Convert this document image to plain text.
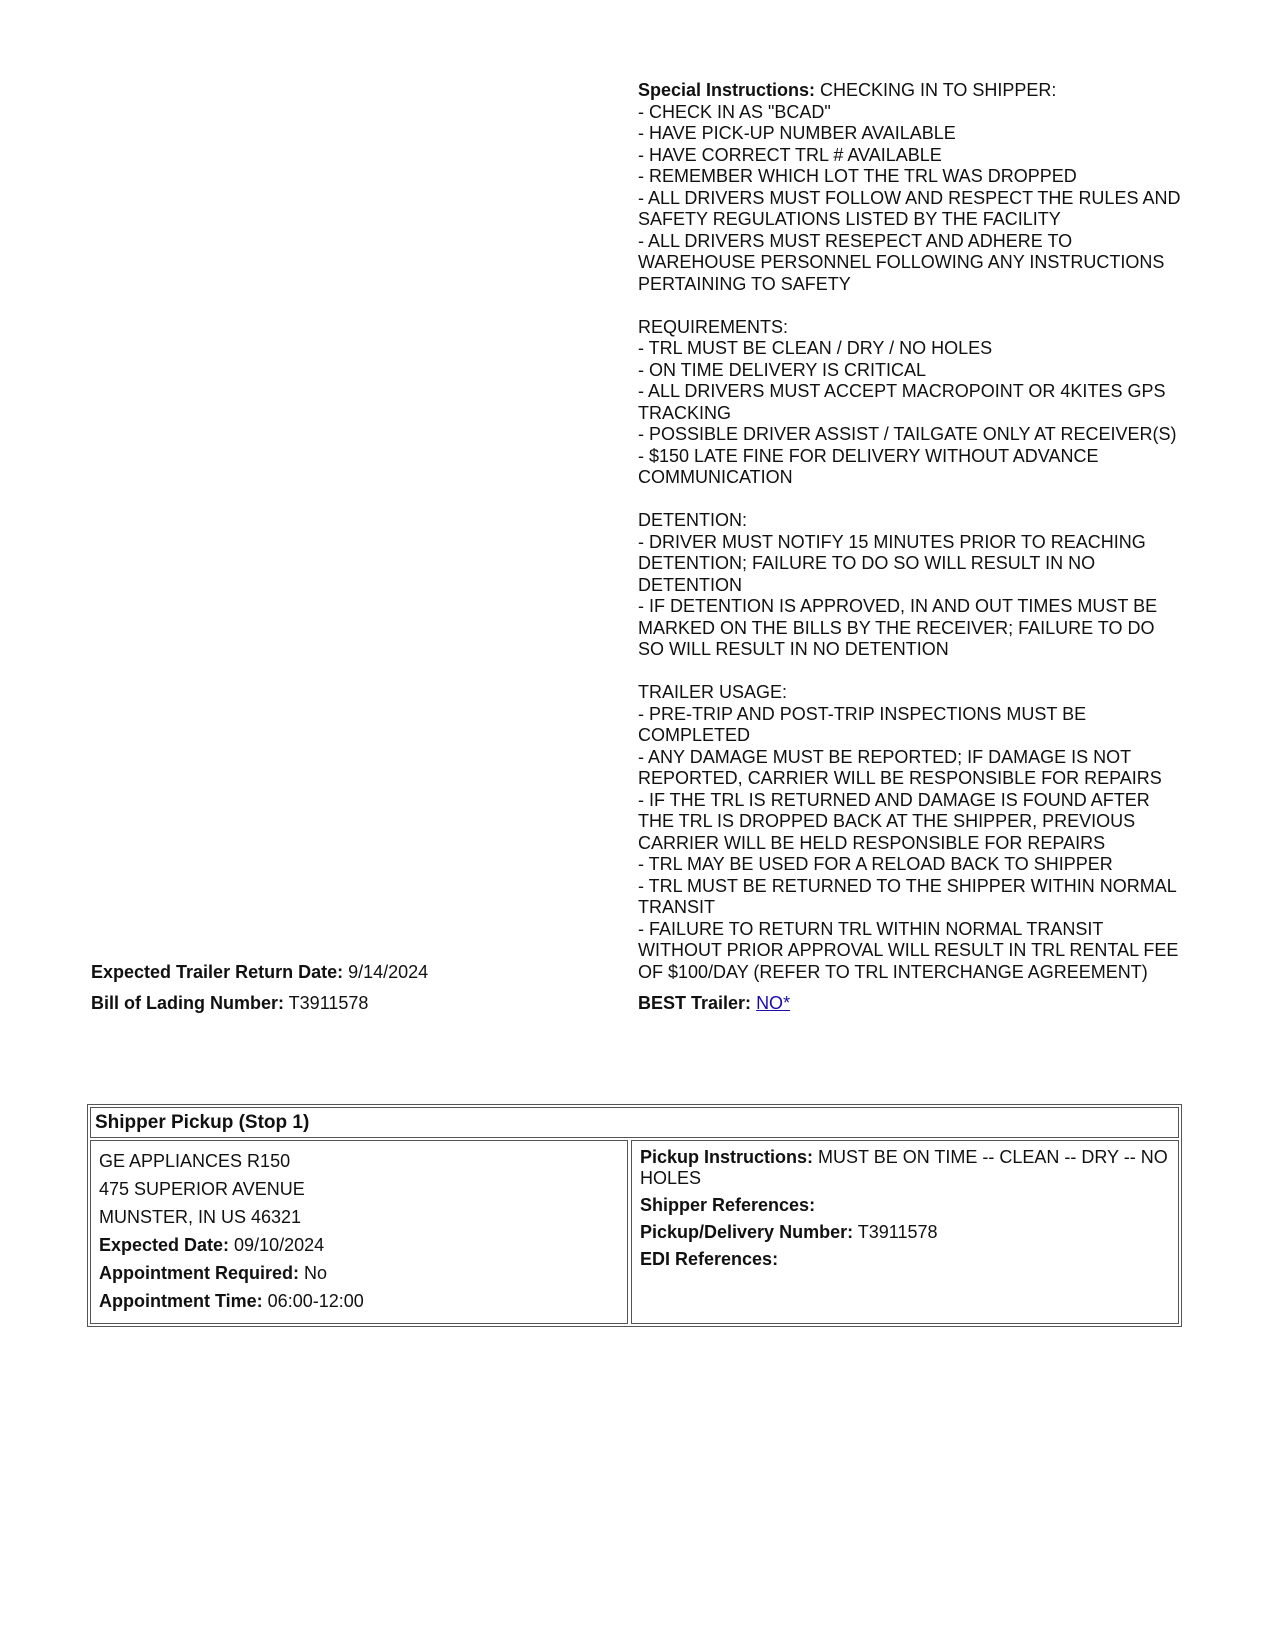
Expected Trailer Return Date: 9/14/2024
Special Instructions: CHECKING IN TO SHIPPER:
- CHECK IN AS "BCAD"
- HAVE PICK-UP NUMBER AVAILABLE
- HAVE CORRECT TRL # AVAILABLE
- REMEMBER WHICH LOT THE TRL WAS DROPPED
- ALL DRIVERS MUST FOLLOW AND RESPECT THE RULES AND SAFETY REGULATIONS LISTED BY THE FACILITY
- ALL DRIVERS MUST RESEPECT AND ADHERE TO WAREHOUSE PERSONNEL FOLLOWING ANY INSTRUCTIONS PERTAINING TO SAFETY

REQUIREMENTS:
- TRL MUST BE CLEAN / DRY / NO HOLES
- ON TIME DELIVERY IS CRITICAL
- ALL DRIVERS MUST ACCEPT MACROPOINT OR 4KITES GPS TRACKING
- POSSIBLE DRIVER ASSIST / TAILGATE ONLY AT RECEIVER(S)
- $150 LATE FINE FOR DELIVERY WITHOUT ADVANCE COMMUNICATION

DETENTION:
- DRIVER MUST NOTIFY 15 MINUTES PRIOR TO REACHING DETENTION; FAILURE TO DO SO WILL RESULT IN NO DETENTION
- IF DETENTION IS APPROVED, IN AND OUT TIMES MUST BE MARKED ON THE BILLS BY THE RECEIVER; FAILURE TO DO SO WILL RESULT IN NO DETENTION

TRAILER USAGE:
- PRE-TRIP AND POST-TRIP INSPECTIONS MUST BE COMPLETED
- ANY DAMAGE MUST BE REPORTED; IF DAMAGE IS NOT REPORTED, CARRIER WILL BE RESPONSIBLE FOR REPAIRS
- IF THE TRL IS RETURNED AND DAMAGE IS FOUND AFTER THE TRL IS DROPPED BACK AT THE SHIPPER, PREVIOUS CARRIER WILL BE HELD RESPONSIBLE FOR REPAIRS
- TRL MAY BE USED FOR A RELOAD BACK TO SHIPPER
- TRL MUST BE RETURNED TO THE SHIPPER WITHIN NORMAL TRANSIT
- FAILURE TO RETURN TRL WITHIN NORMAL TRANSIT WITHOUT PRIOR APPROVAL WILL RESULT IN TRL RENTAL FEE OF $100/DAY (REFER TO TRL INTERCHANGE AGREEMENT)
Bill of Lading Number: T3911578	BEST Trailer: NO*
Shipper Pickup (Stop 1)
GE APPLIANCES R150
475 SUPERIOR AVENUE
MUNSTER, IN US 46321
Expected Date: 09/10/2024
Appointment Required: No
Appointment Time: 06:00-12:00
Pickup Instructions: MUST BE ON TIME -- CLEAN -- DRY -- NO HOLES
Shipper References:
Pickup/Delivery Number: T3911578
EDI References:
